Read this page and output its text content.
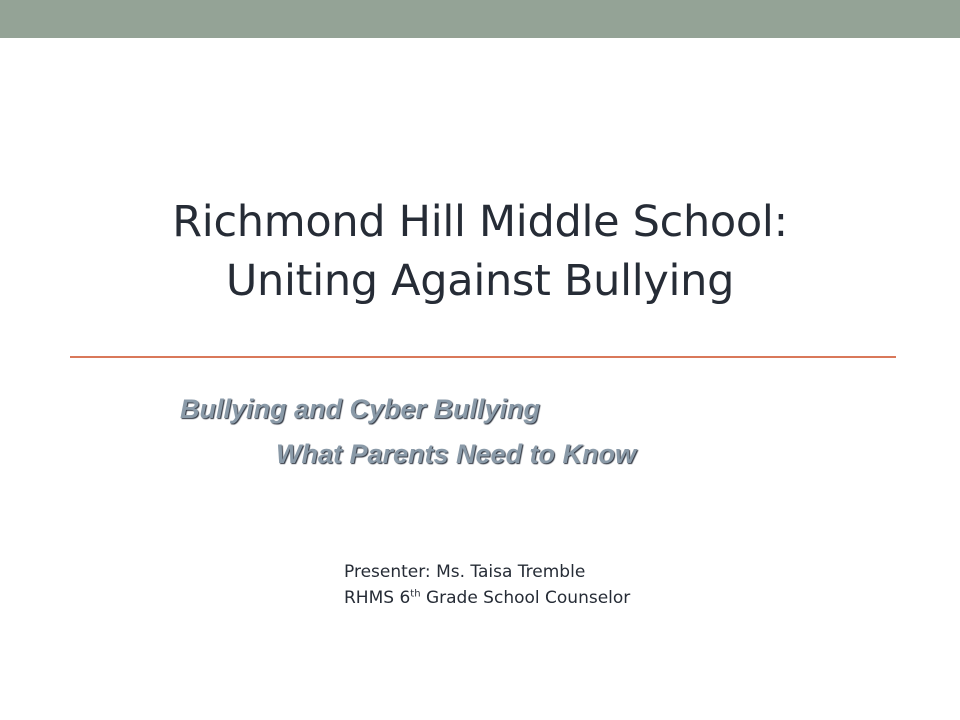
Richmond Hill Middle School:
Uniting Against Bullying
Bullying and Cyber Bullying
What Parents Need to Know
Presenter: Ms. Taisa Tremble
RHMS 6th Grade School Counselor
